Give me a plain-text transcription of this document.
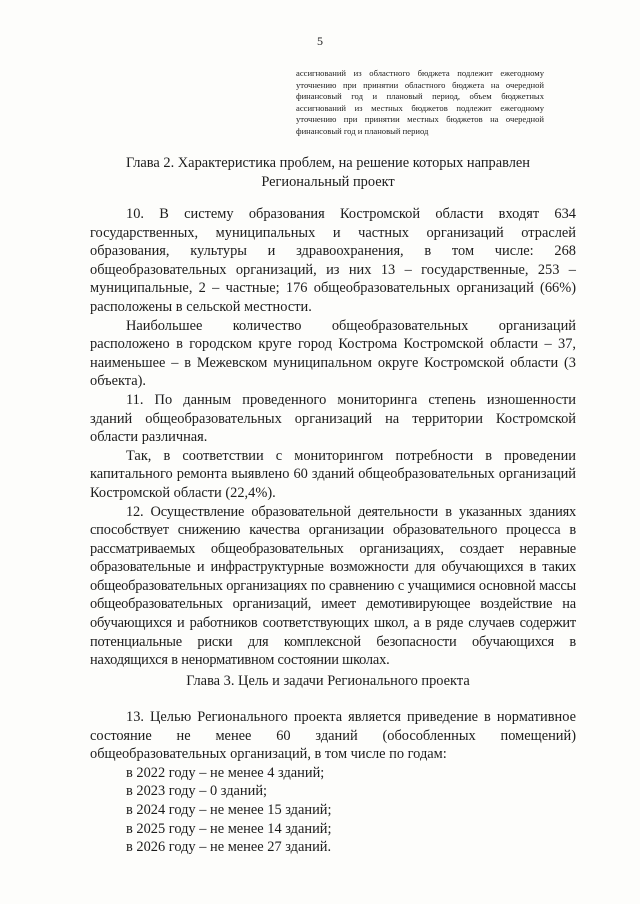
5
ассигнований из областного бюджета подлежит ежегодному уточнению при принятии областного бюджета на очередной финансовый год и плановый период, объем бюджетных ассигнований из местных бюджетов подлежит ежегодному уточнению при принятии местных бюджетов на очередной финансовый год и плановый период
Глава 2. Характеристика проблем, на решение которых направлен
Региональный проект

10. В систему образования Костромской области входят 634 государственных, муниципальных и частных организаций отраслей образования, культуры и здравоохранения, в том числе: 268 общеобразовательных организаций, из них 13 – государственные, 253 – муниципальные, 2 – частные; 176 общеобразовательных организаций (66%) расположены в сельской местности.

Наибольшее количество общеобразовательных организаций расположено в городском круге город Кострома Костромской области – 37, наименьшее – в Межевском муниципальном округе Костромской области (3 объекта).

11. По данным проведенного мониторинга степень изношенности зданий общеобразовательных организаций на территории Костромской области различная.

Так, в соответствии с мониторингом потребности в проведении капитального ремонта выявлено 60 зданий общеобразовательных организаций Костромской области (22,4%).

12. Осуществление образовательной деятельности в указанных зданиях способствует снижению качества организации образовательного процесса в рассматриваемых общеобразовательных организациях, создает неравные образовательные и инфраструктурные возможности для обучающихся в таких общеобразовательных организациях по сравнению с учащимися основной массы общеобразовательных организаций, имеет демотивирующее воздействие на обучающихся и работников соответствующих школ, а в ряде случаев содержит потенциальные риски для комплексной безопасности обучающихся в находящихся в ненормативном состоянии школах.

Глава 3. Цель и задачи Регионального проекта

13. Целью Регионального проекта является приведение в нормативное состояние не менее 60 зданий (обособленных помещений) общеобразовательных организаций, в том числе по годам:

в 2022 году – не менее 4 зданий;
в 2023 году – 0 зданий;
в 2024 году – не менее 15 зданий;
в 2025 году – не менее 14 зданий;
в 2026 году – не менее 27 зданий.
